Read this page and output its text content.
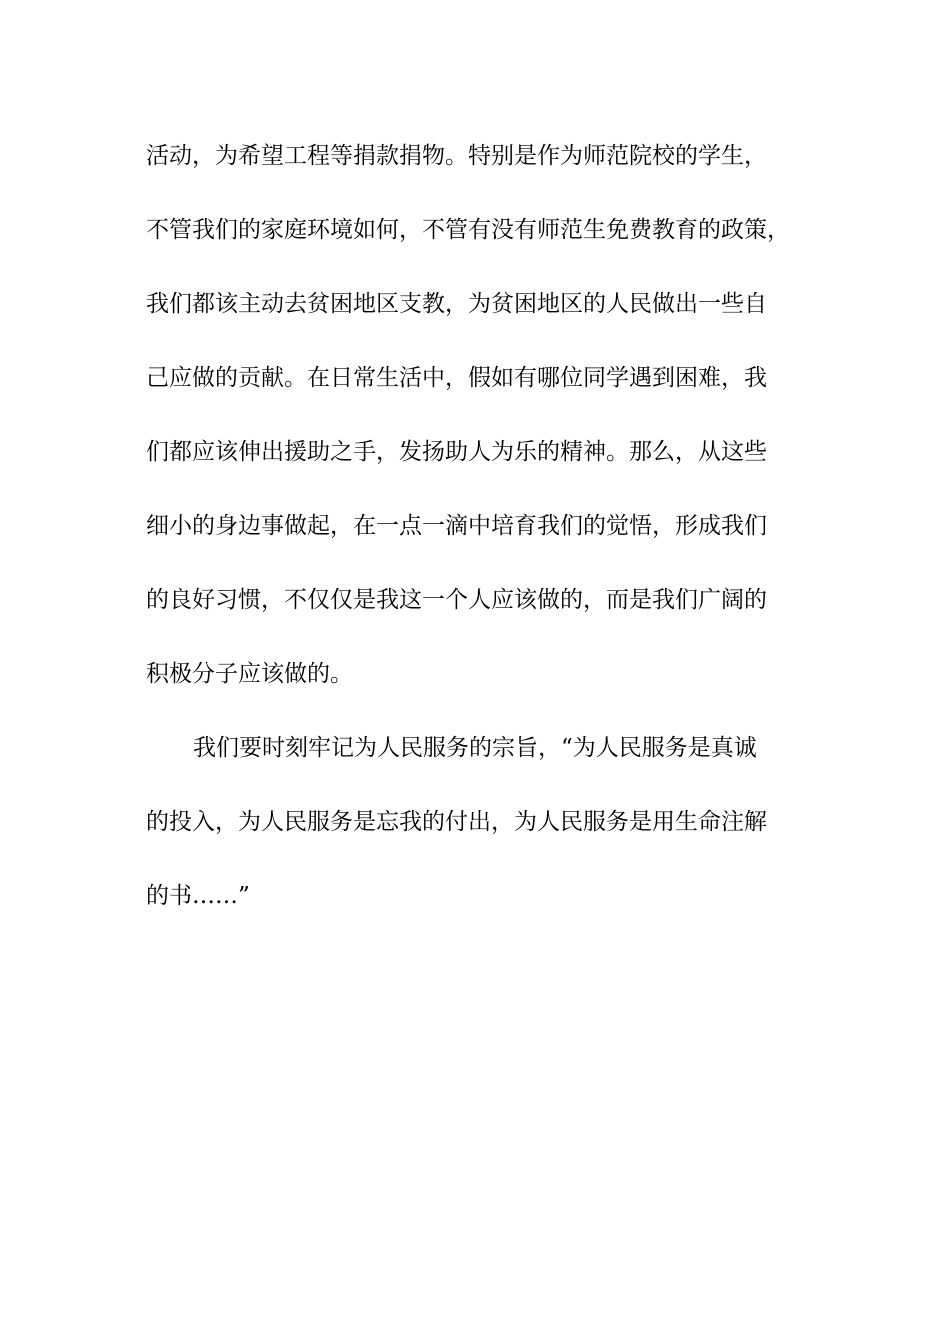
活动，为希望工程等捐款捐物。特别是作为师范院校的学生，
不管我们的家庭环境如何，不管有没有师范生免费教育的政策，
我们都该主动去贫困地区支教，为贫困地区的人民做出一些自
己应做的贡献。在日常生活中，假如有哪位同学遇到困难，我
们都应该伸出援助之手，发扬助人为乐的精神。那么，从这些
细小的身边事做起，在一点一滴中培育我们的觉悟，形成我们
的良好习惯，不仅仅是我这一个人应该做的，而是我们广阔的
积极分子应该做的。
我们要时刻牢记为人民服务的宗旨，“为人民服务是真诚
的投入，为人民服务是忘我的付出，为人民服务是用生命注解
的书……”
